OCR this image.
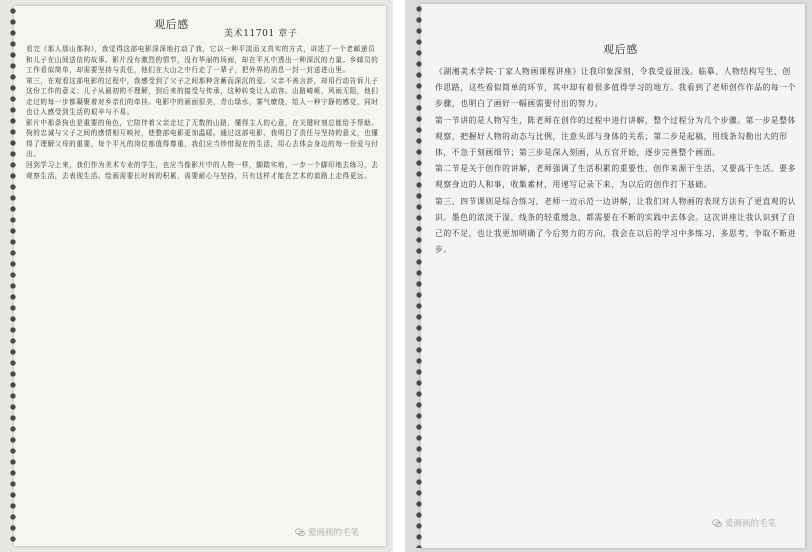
观后感
美术11701 章子
看完《那人那山那狗》，我觉得这部电影深深地打动了我，它以一种平淡而又真实的方式，讲述了一个老邮递员和儿子在山间送信的故事。影片没有激烈的情节，没有华丽的场面，却在平凡中透出一种深沉的力量。乡邮员的工作看似简单，却需要坚持与责任，他们在大山之中行走了一辈子，把外界的消息一封一封送进山里。
第三，在观看这部电影的过程中，我感受到了父子之间那种含蓄而深沉的爱。父亲不善言辞，却用行动告诉儿子这份工作的意义；儿子从最初的不理解，到后来的接受与传承，这种转变让人动容。山路崎岖，风雨无阻，他们走过的每一步都凝聚着对乡亲们的牵挂。电影中的画面很美，青山绿水，雾气缭绕，给人一种宁静的感觉，同时也让人感受到生活的艰辛与不易。
影片中那条狗也是重要的角色，它陪伴着父亲走过了无数的山路，懂得主人的心意，在关键时刻总能给予帮助。狗的忠诚与父子之间的感情相互映衬，使整部电影更加温暖。通过这部电影，我明白了责任与坚持的意义，也懂得了理解父母的重要，每个平凡的岗位都值得尊重，我们应当珍惜现在的生活，用心去体会身边的每一份爱与付出。
回到学习上来，我们作为美术专业的学生，也应当像影片中的人物一样，脚踏实地，一步一个脚印地去练习，去观察生活，去表现生活。绘画需要长时间的积累，需要耐心与坚持，只有这样才能在艺术的道路上走得更远。
观后感
《湖湘美术学院·丁家人物画课程讲座》让我印象深刻，令我受益匪浅。临摹、人物结构写生、创作思路，这些看似简单的环节，其中却有着很多值得学习的地方。我看到了老师创作作品的每一个步骤，也明白了画好一幅画需要付出的努力。
第一节讲的是人物写生，陈老师在创作的过程中进行讲解，整个过程分为几个步骤。第一步是整体观察，把握好人物的动态与比例，注意头部与身体的关系；第二步是起稿，用线条勾勒出大的形体，不急于刻画细节；第三步是深入刻画，从五官开始，逐步完善整个画面。
第二节是关于创作的讲解，老师强调了生活积累的重要性，创作来源于生活，又要高于生活。要多观察身边的人和事，收集素材，用速写记录下来，为以后的创作打下基础。
第三、四节课则是综合练习，老师一边示范一边讲解，让我们对人物画的表现方法有了更直观的认识。墨色的浓淡干湿，线条的轻重缓急，都需要在不断的实践中去体会。这次讲座让我认识到了自己的不足，也让我更加明确了今后努力的方向，我会在以后的学习中多练习，多思考，争取不断进步。
爱画画的毛笔
爱画画的毛笔
